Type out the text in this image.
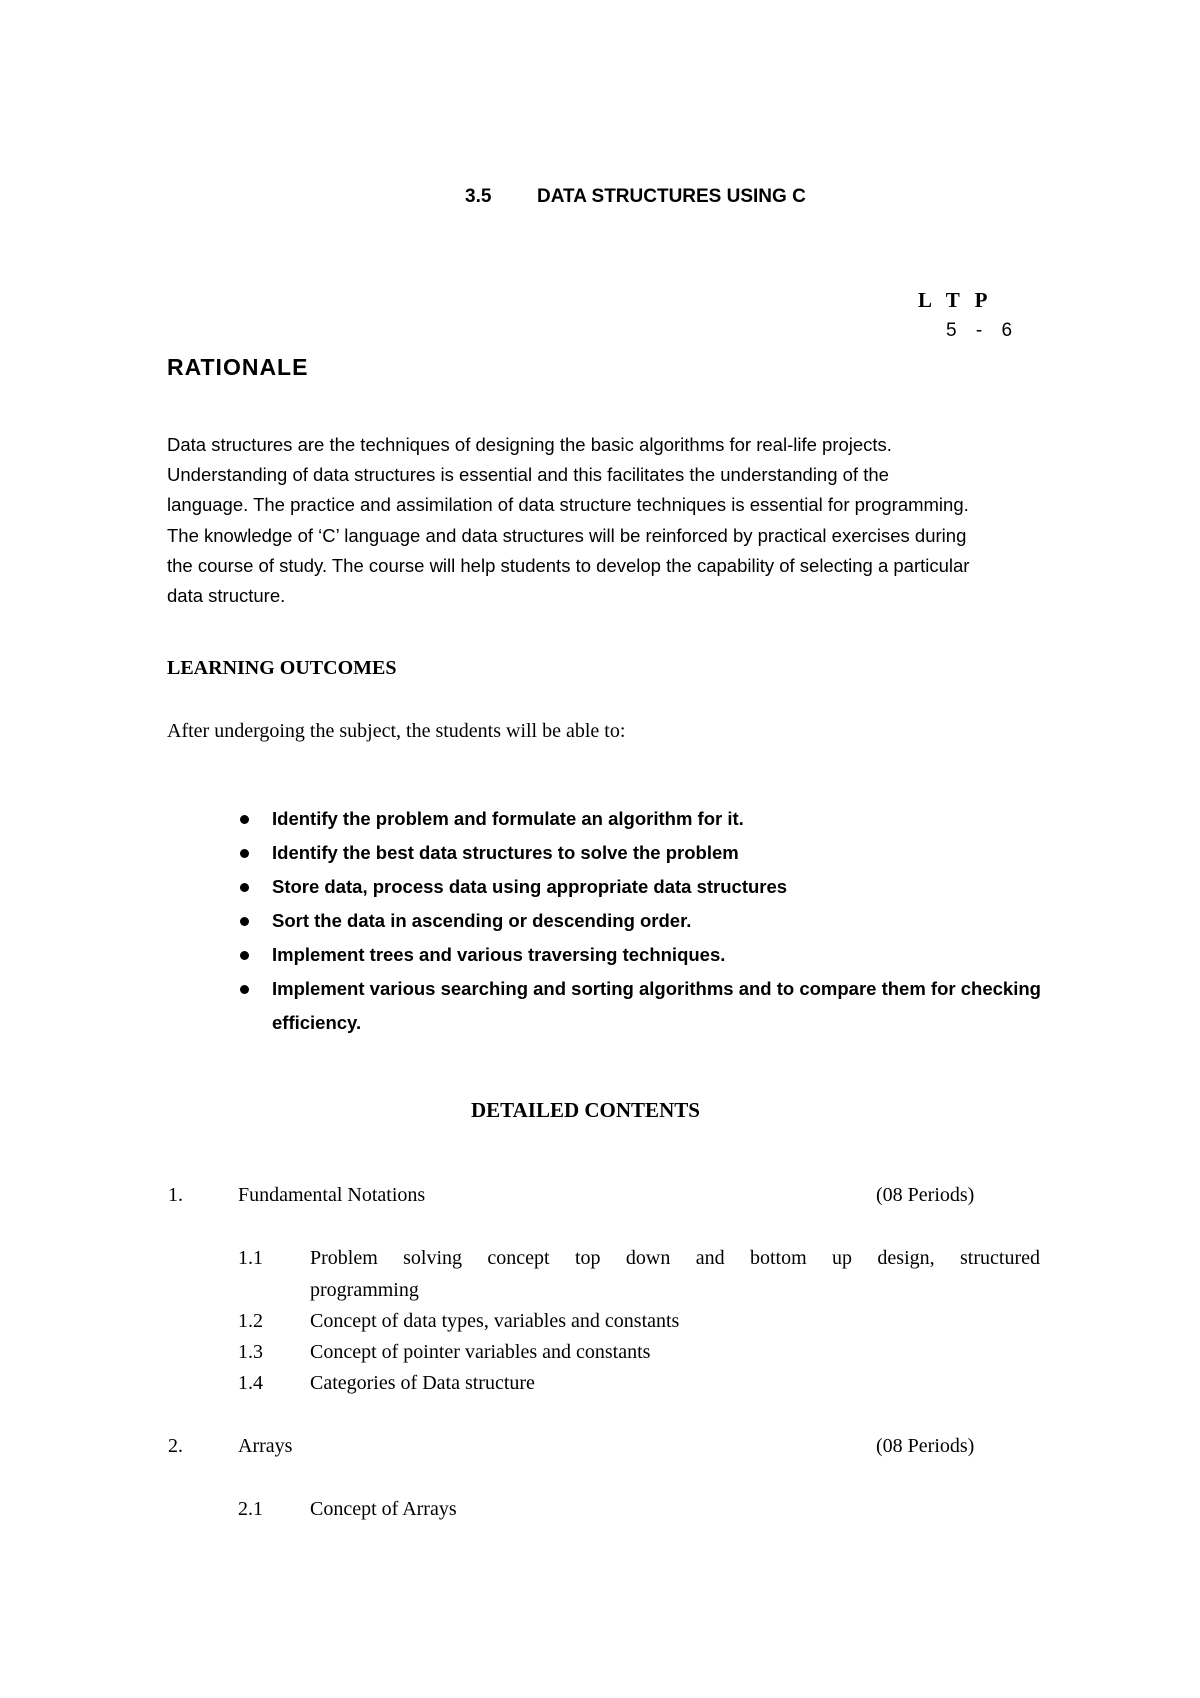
3.5 DATA STRUCTURES USING C
L T P
5 - 6
RATIONALE
Data structures are the techniques of designing the basic algorithms for real-life projects.
Understanding of data structures is essential and this facilitates the understanding of the
language. The practice and assimilation of data structure techniques is essential for programming.
The knowledge of ‘C’ language and data structures will be reinforced by practical exercises during
the course of study. The course will help students to develop the capability of selecting a particular
data structure.
LEARNING OUTCOMES
After undergoing the subject, the students will be able to:
Identify the problem and formulate an algorithm for it.
Identify the best data structures to solve the problem
Store data, process data using appropriate data structures
Sort the data in ascending or descending order.
Implement trees and various traversing techniques.
Implement various searching and sorting algorithms and to compare them for checking efficiency.
DETAILED CONTENTS
1.	Fundamental Notations	(08 Periods)
1.1 Problem solving concept top down and bottom up design, structured
programming
1.2 Concept of data types, variables and constants
1.3 Concept of pointer variables and constants
1.4 Categories of Data structure
2.	Arrays	(08 Periods)
2.1 Concept of Arrays
